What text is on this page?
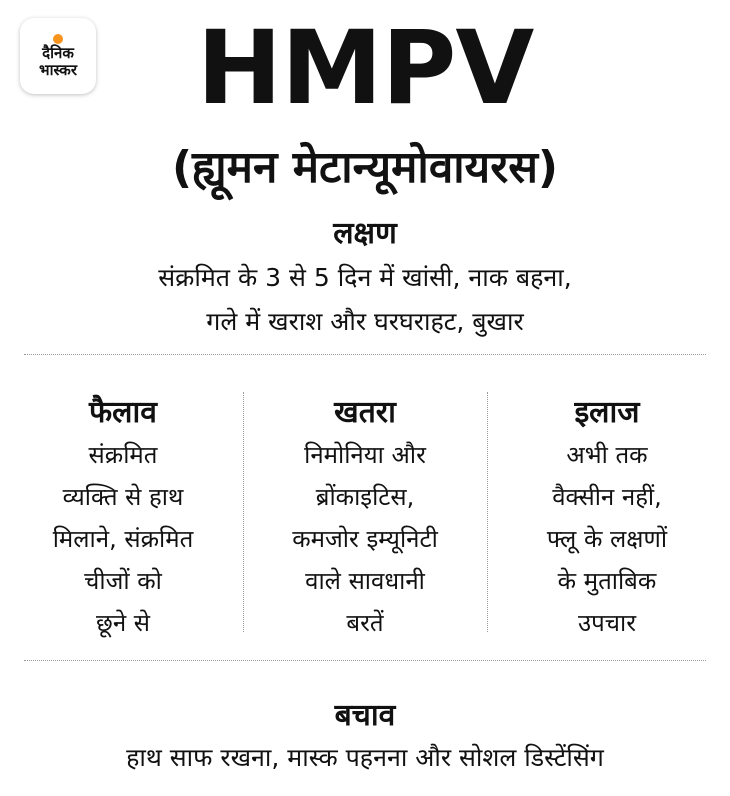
दैनिक
भास्कर	HMPV
(ह्यूमन मेटान्यूमोवायरस)
लक्षण
संक्रमित के 3 से 5 दिन में खांसी, नाक बहना,
गले में खराश और घरघराहट, बुखार
फैलाव
संक्रमित
व्यक्ति से हाथ
मिलाने, संक्रमित
चीजों को
छूने से
खतरा
निमोनिया और
ब्रोंकाइटिस,
कमजोर इम्यूनिटी
वाले सावधानी
बरतें
इलाज
अभी तक
वैक्सीन नहीं,
फ्लू के लक्षणों
के मुताबिक
उपचार
बचाव
हाथ साफ रखना, मास्क पहनना और सोशल डिस्टेंसिंग
